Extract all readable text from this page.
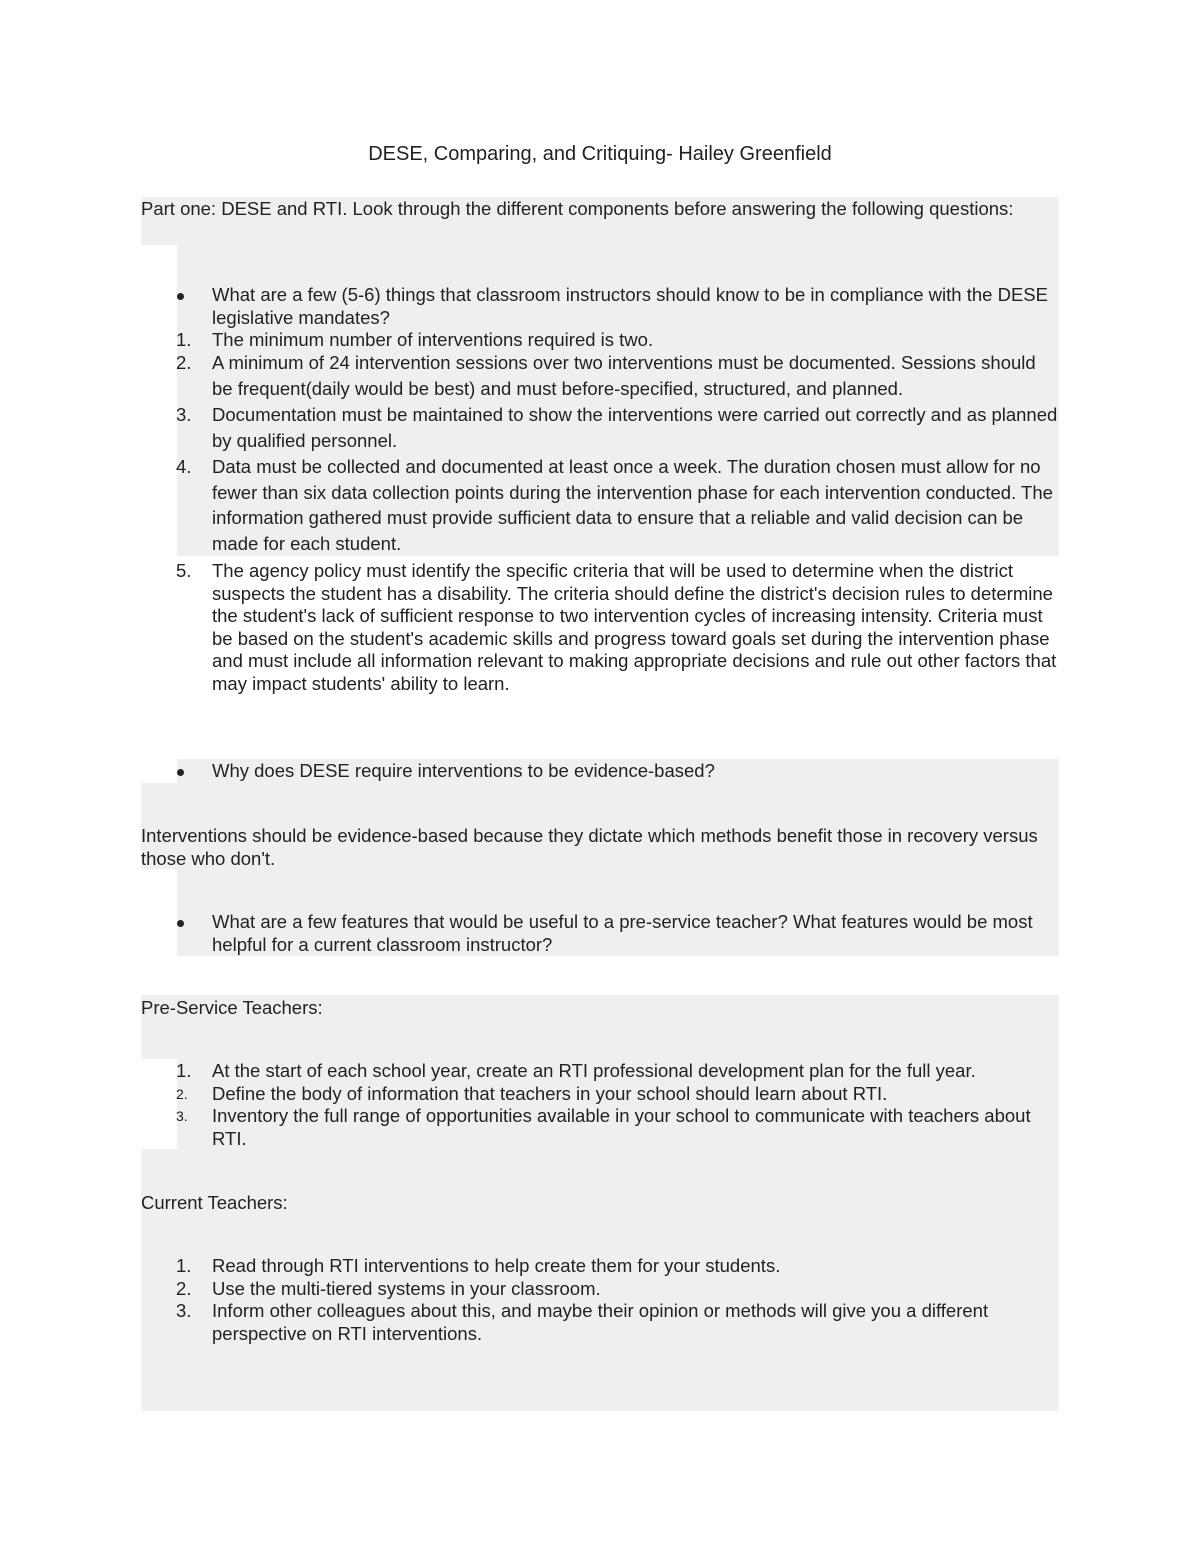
DESE, Comparing, and Critiquing- Hailey Greenfield
Part one: DESE and RTI. Look through the different components before answering the following questions:
What are a few (5-6) things that classroom instructors should know to be in compliance with the DESE legislative mandates?
1. The minimum number of interventions required is two.
2. A minimum of 24 intervention sessions over two interventions must be documented. Sessions should be frequent(daily would be best) and must before-specified, structured, and planned.
3. Documentation must be maintained to show the interventions were carried out correctly and as planned by qualified personnel.
4. Data must be collected and documented at least once a week. The duration chosen must allow for no fewer than six data collection points during the intervention phase for each intervention conducted. The information gathered must provide sufficient data to ensure that a reliable and valid decision can be made for each student.
5. The agency policy must identify the specific criteria that will be used to determine when the district suspects the student has a disability. The criteria should define the district's decision rules to determine the student's lack of sufficient response to two intervention cycles of increasing intensity. Criteria must be based on the student's academic skills and progress toward goals set during the intervention phase and must include all information relevant to making appropriate decisions and rule out other factors that may impact students' ability to learn.
Why does DESE require interventions to be evidence-based?
Interventions should be evidence-based because they dictate which methods benefit those in recovery versus those who don't.
What are a few features that would be useful to a pre-service teacher? What features would be most helpful for a current classroom instructor?
Pre-Service Teachers:
1. At the start of each school year, create an RTI professional development plan for the full year.
2. Define the body of information that teachers in your school should learn about RTI.
3. Inventory the full range of opportunities available in your school to communicate with teachers about RTI.
Current Teachers:
1. Read through RTI interventions to help create them for your students.
2. Use the multi-tiered systems in your classroom.
3. Inform other colleagues about this, and maybe their opinion or methods will give you a different perspective on RTI interventions.
